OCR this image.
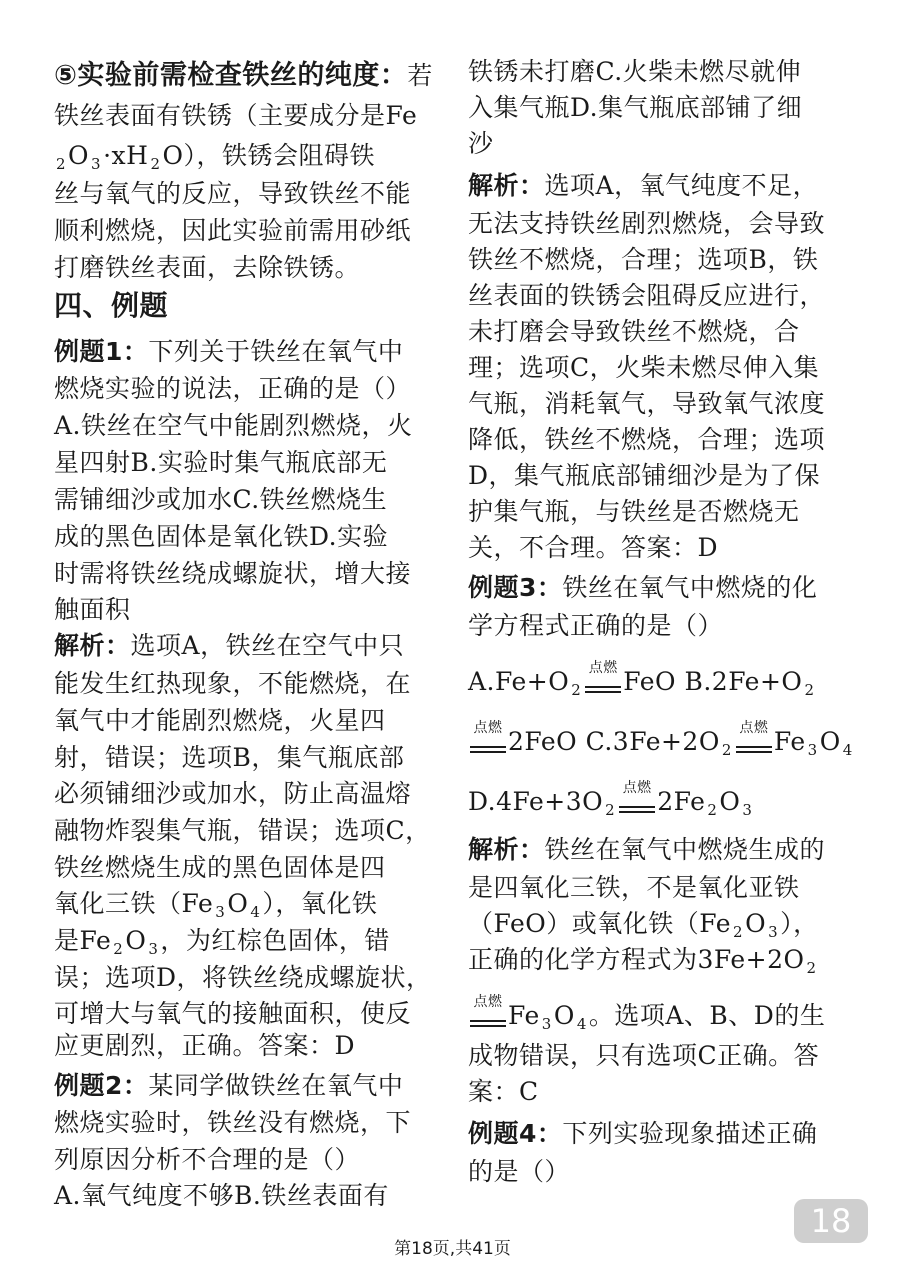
⑤实验前需检查铁丝的纯度：若
铁丝表面有铁锈（主要成分是Fe
$_2$O $_3$·xH $_2$O），铁锈会阻碍铁
丝与氧气的反应，导致铁丝不能
顺利燃烧，因此实验前需用砂纸
打磨铁丝表面，去除铁锈。
四、例题
例题1：下列关于铁丝在氧气中
燃烧实验的说法，正确的是（）
A.铁丝在空气中能剧烈燃烧，火
星四射B.实验时集气瓶底部无
需铺细沙或加水C.铁丝燃烧生
成的黑色固体是氧化铁D.实验
时需将铁丝绕成螺旋状，增大接
触面积
解析：选项A，铁丝在空气中只
能发生红热现象，不能燃烧，在
氧气中才能剧烈燃烧，火星四
射，错误；选项B，集气瓶底部
必须铺细沙或加水，防止高温熔
融物炸裂集气瓶，错误；选项C，
铁丝燃烧生成的黑色固体是四
氧化三铁（Fe $_3$O $_4$），氧化铁
是Fe $_2$O $_3$，为红棕色固体，错
误；选项D，将铁丝绕成螺旋状，
可增大与氧气的接触面积，使反
应更剧烈，正确。答案：D
例题2：某同学做铁丝在氧气中
燃烧实验时，铁丝没有燃烧，下
列原因分析不合理的是（）
A.氧气纯度不够B.铁丝表面有
铁锈未打磨C.火柴未燃尽就伸
入集气瓶D.集气瓶底部铺了细
沙
解析：选项A，氧气纯度不足，
无法支持铁丝剧烈燃烧，会导致
铁丝不燃烧，合理；选项B，铁
丝表面的铁锈会阻碍反应进行，
未打磨会导致铁丝不燃烧，合
理；选项C，火柴未燃尽伸入集
气瓶，消耗氧气，导致氧气浓度
降低，铁丝不燃烧，合理；选项
D，集气瓶底部铺细沙是为了保
护集气瓶，与铁丝是否燃烧无
关，不合理。答案：D
例题3：铁丝在氧气中燃烧的化
学方程式正确的是（）
A.Fe+O $_2$
点燃 FeO B.2Fe+O $_2$
点燃 2FeO C.3Fe+2O $_2$
点燃 Fe $_3$O $_4$
D.4Fe+3O $_2$
点燃 2Fe $_2$O $_3$
解析：铁丝在氧气中燃烧生成的
是四氧化三铁，不是氧化亚铁
（FeO）或氧化铁（Fe $_2$O $_3$），
正确的化学方程式为3Fe+2O $_2$
点燃 Fe $_3$O $_4$。选项A、B、D的生
成物错误，只有选项C正确。答
案：C
例题4：下列实验现象描述正确
的是（）
18
第18页,共41页
